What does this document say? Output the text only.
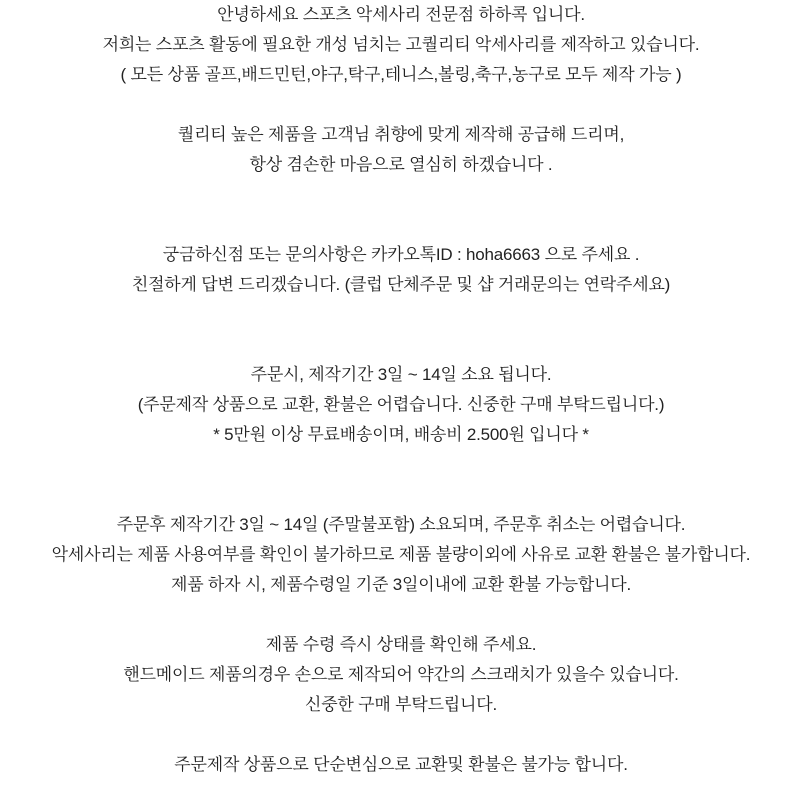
안녕하세요 스포츠 악세사리 전문점 하하콕 입니다.

저희는 스포츠 활동에 필요한 개성 넘치는 고퀄리티 악세사리를 제작하고 있습니다.

( 모든 상품 골프,배드민턴,야구,탁구,테니스,볼링,축구,농구로 모두 제작 가능 )

퀄리티 높은 제품을 고객님 취향에 맞게 제작해 공급해 드리며,

항상 겸손한 마음으로 열심히 하겠습니다 .

궁금하신점 또는 문의사항은 카카오톡ID : hoha6663 으로 주세요 .

친절하게 답변 드리겠습니다. (클럽 단체주문 및 샵 거래문의는 연락주세요)

주문시, 제작기간 3일 ~ 14일 소요 됩니다.

(주문제작 상품으로 교환, 환불은 어렵습니다. 신중한 구매 부탁드립니다.)

* 5만원 이상 무료배송이며, 배송비 2.500원 입니다 *

주문후 제작기간 3일 ~ 14일 (주말불포함) 소요되며, 주문후 취소는 어렵습니다.

악세사리는 제품 사용여부를 확인이 불가하므로 제품 불량이외에 사유로 교환 환불은 불가합니다.

제품 하자 시, 제품수령일 기준 3일이내에 교환 환불 가능합니다.

제품 수령 즉시 상태를 확인해 주세요.

핸드메이드 제품의경우 손으로 제작되어 약간의 스크래치가 있을수 있습니다.

신중한 구매 부탁드립니다.

주문제작 상품으로 단순변심으로 교환및 환불은 불가능 합니다.
